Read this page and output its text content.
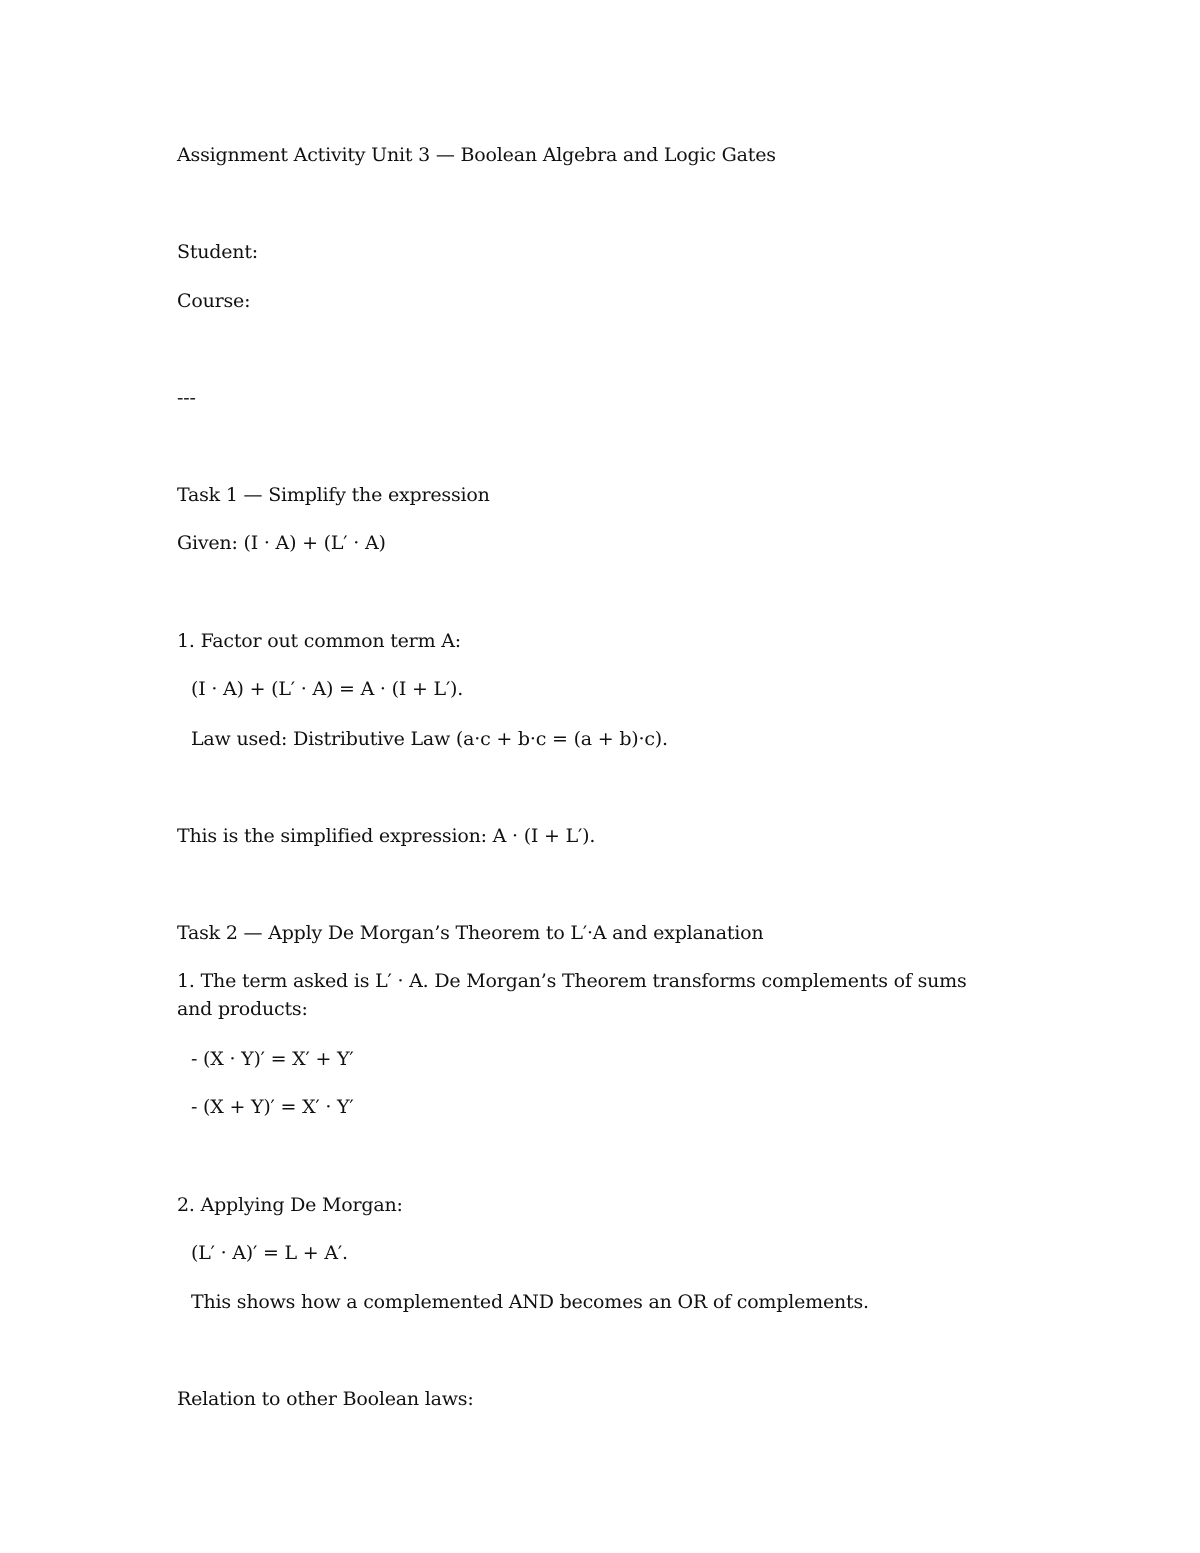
Assignment Activity Unit 3 — Boolean Algebra and Logic Gates
Student:
Course:
---
Task 1 — Simplify the expression
Given: (I · A) + (L′ · A)
1. Factor out common term A:
(I · A) + (L′ · A) = A · (I + L′).
Law used: Distributive Law (a·c + b·c = (a + b)·c).
This is the simplified expression: A · (I + L′).
Task 2 — Apply De Morgan’s Theorem to L′·A and explanation
1. The term asked is L′ · A. De Morgan’s Theorem transforms complements of sums and products:
- (X · Y)′ = X′ + Y′
- (X + Y)′ = X′ · Y′
2. Applying De Morgan:
(L′ · A)′ = L + A′.
This shows how a complemented AND becomes an OR of complements.
Relation to other Boolean laws:
